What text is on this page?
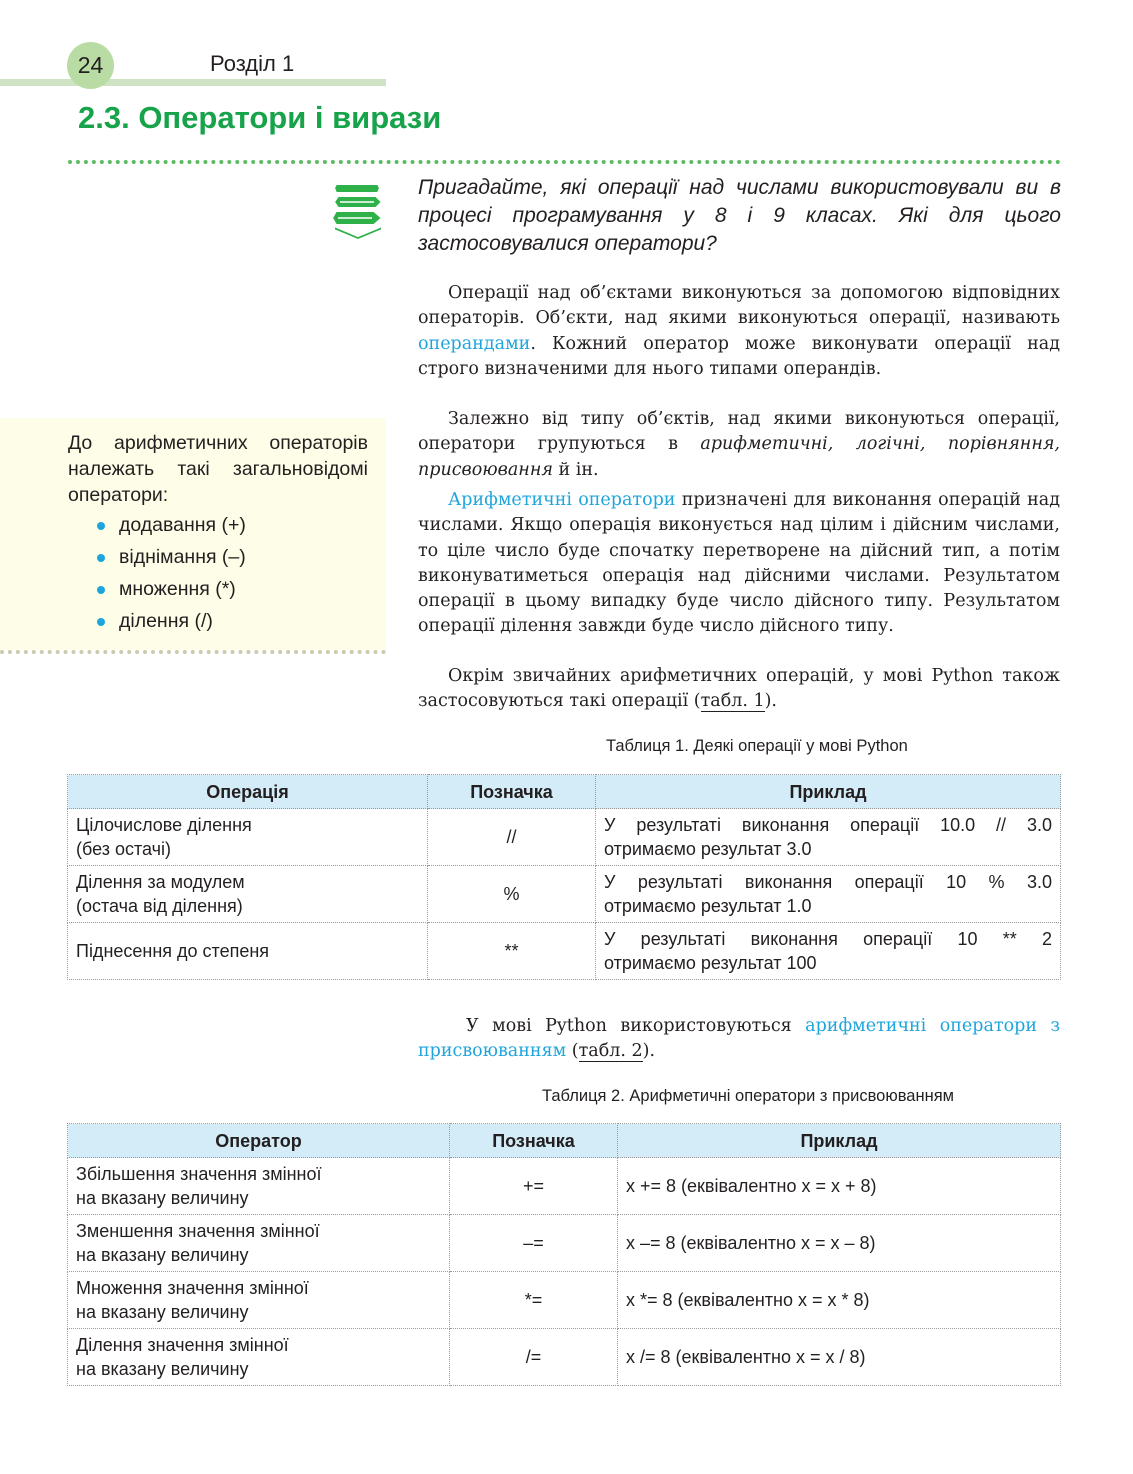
24	Розділ 1
2.3. Оператори і вирази

Пригадайте, які операції над числами використовували ви в процесі програмування у 8 і 9 класах. Які для цього застосовувалися оператори?

Операції над об’єктами виконуються за допомогою відповідних операторів. Об’єкти, над якими виконуються операції, називають операндами. Кожний оператор може виконувати операції над строго визначеними для нього типами операндів.

Залежно від типу об’єктів, над якими виконуються операції, оператори групуються в арифметичні, логічні, порівняння, присвоювання й ін.

Арифметичні оператори призначені для виконання операцій над числами. Якщо операція виконується над цілим і дійсним числами, то ціле число буде спочатку перетворене на дійсний тип, а потім виконуватиметься операція над дійсними числами. Результатом операції в цьому випадку буде число дійсного типу. Результатом операції ділення завжди буде число дійсного типу.

Окрім звичайних арифметичних операцій, у мові Python також застосовуються такі операції (табл. 1).

До арифметичних операторів належать такі загальновідомі оператори:

додавання (+)
віднімання (–)
множення (*)
ділення (/)
Таблиця 1. Деякі операції у мові Python
Операція	Позначка	Приклад

Цілочислове ділення
(без остачі)	//	У результаті виконання операції 10.0 // 3.0
отримаємо результат 3.0

Ділення за модулем
(остача від ділення)	%	У результаті виконання операції 10 % 3.0
отримаємо результат 1.0

Піднесення до степеня	**	У результаті виконання операції 10 ** 2
отримаємо результат 100

У мові Python використовуються арифметичні оператори з присвоюванням (табл. 2).

Таблиця 2. Арифметичні оператори з присвоюванням
Оператор	Позначка	Приклад

Збільшення значення змінної
на вказану величину	+=	x += 8 (еквівалентно x = x + 8)

Зменшення значення змінної
на вказану величину	–=	x –= 8 (еквівалентно x = x – 8)

Множення значення змінної
на вказану величину	*=	x *= 8 (еквівалентно x = x * 8)

Ділення значення змінної
на вказану величину	/=	x /= 8 (еквівалентно x = x / 8)
